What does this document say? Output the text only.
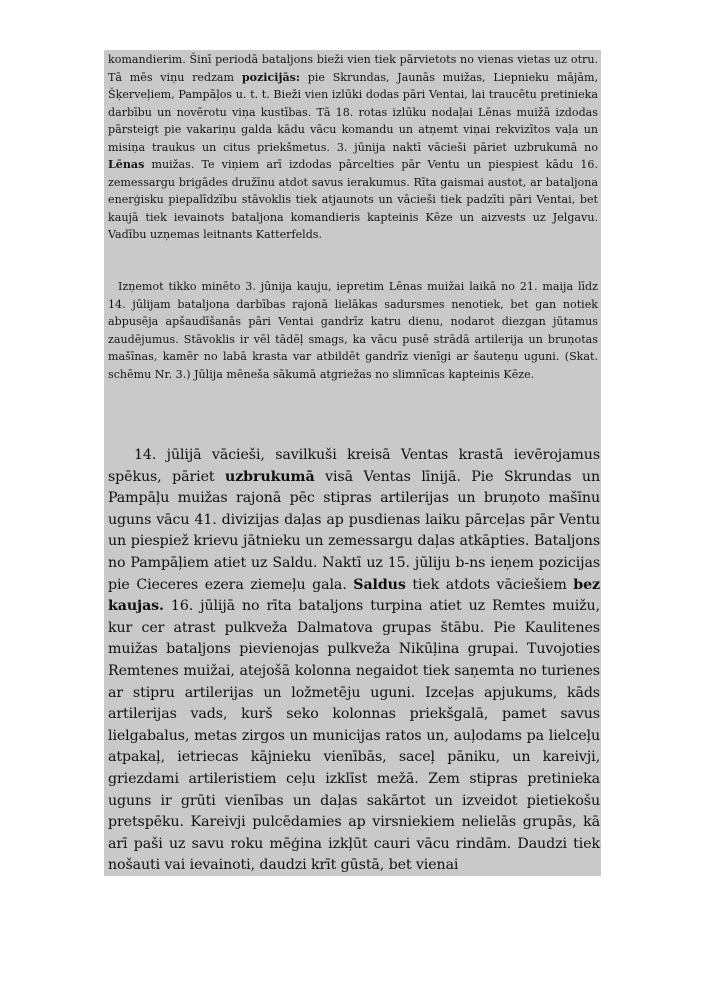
komandierim. Šinī periodā bataljons bieži vien tiek pārvietots no vienas vietas uz otru. Tā mēs viņu redzam pozicijās: pie Skrundas, Jaunās muižas, Liepnieku mājām, Šķerveļiem, Pampāļos u. t. t. Bieži vien izlūki dodas pāri Ventai, lai traucētu pretinieka darbību un novērotu viņa kustības. Tā 18. rotas izlūku nodaļai Lēnas muižā izdodas pārsteigt pie vakariņu galda kādu vācu komandu un atņemt viņai rekvizītos vaļa un misiņa traukus un citus priekšmetus. 3. jūnija naktī vācieši pāriet uzbrukumā no Lēnas muižas. Te viņiem arī izdodas pārcelties pār Ventu un piespiest kādu 16. zemessargu brigādes družīnu atdot savus ierakumus. Rīta gaismai austot, ar bataljona enerģisku piepalīdzību stāvoklis tiek atjaunots un vācieši tiek padzīti pāri Ventai, bet kaujā tiek ievainots bataljona komandieris kapteinis Kēze un aizvests uz Jelgavu. Vadību uzņemas leitnants Katterfelds.

Izņemot tikko minēto 3. jūnija kauju, iepretim Lēnas muižai laikā no 21. maija līdz 14. jūlijam bataljona darbības rajonā lielākas sadursmes nenotiek, bet gan notiek abpusēja apšaudīšanās pāri Ventai gandrīz katru dienu, nodarot diezgan jūtamus zaudējumus. Stāvoklis ir vēl tādēļ smags, ka vācu pusē strādā artilerija un bruņotas mašīnas, kamēr no labā krasta var atbildēt gandrīz vienīgi ar šauteņu uguni. (Skat. schēmu Nr. 3.) Jūlija mēneša sākumā atgriežas no slimnīcas kapteinis Kēze.

14. jūlijā vācieši, savilkuši kreisā Ventas krastā ievērojamus spēkus, pāriet uzbrukumā visā Ventas līnijā. Pie Skrundas un Pampāļu muižas rajonā pēc stipras artilerijas un bruņoto mašīnu uguns vācu 41. divizijas daļas ap pusdienas laiku pārceļas pār Ventu un piespiež krievu jātnieku un zemessargu daļas atkāpties. Bataljons no Pampāļiem atiet uz Saldu. Naktī uz 15. jūliju b-ns ieņem pozicijas pie Cieceres ezera ziemeļu gala. Saldus tiek atdots vāciešiem bez kaujas. 16. jūlijā no rīta bataljons turpina atiet uz Remtes muižu, kur cer atrast pulkveža Dalmatova grupas štābu. Pie Kaulitenes muižas bataljons pievienojas pulkveža Nikūļina grupai. Tuvojoties Remtenes muižai, atejošā kolonna negaidot tiek saņemta no turienes ar stipru artilerijas un ložmetēju uguni. Izceļas apjukums, kāds artilerijas vads, kurš seko kolonnas priekšgalā, pamet savus lielgabalus, metas zirgos un municijas ratos un, auļodams pa lielceļu atpakaļ, ietriecas kājnieku vienībās, saceļ pāniku, un kareivji, griezdami artileristiem ceļu izklīst mežā. Zem stipras pretinieka uguns ir grūti vienības un daļas sakārtot un izveidot pietiekošu pretspēku. Kareivji pulcēdamies ap virsniekiem nelielās grupās, kā arī paši uz savu roku mēģina izkļūt cauri vācu rindām. Daudzi tiek nošauti vai ievainoti, daudzi krīt gūstā, bet vienai
